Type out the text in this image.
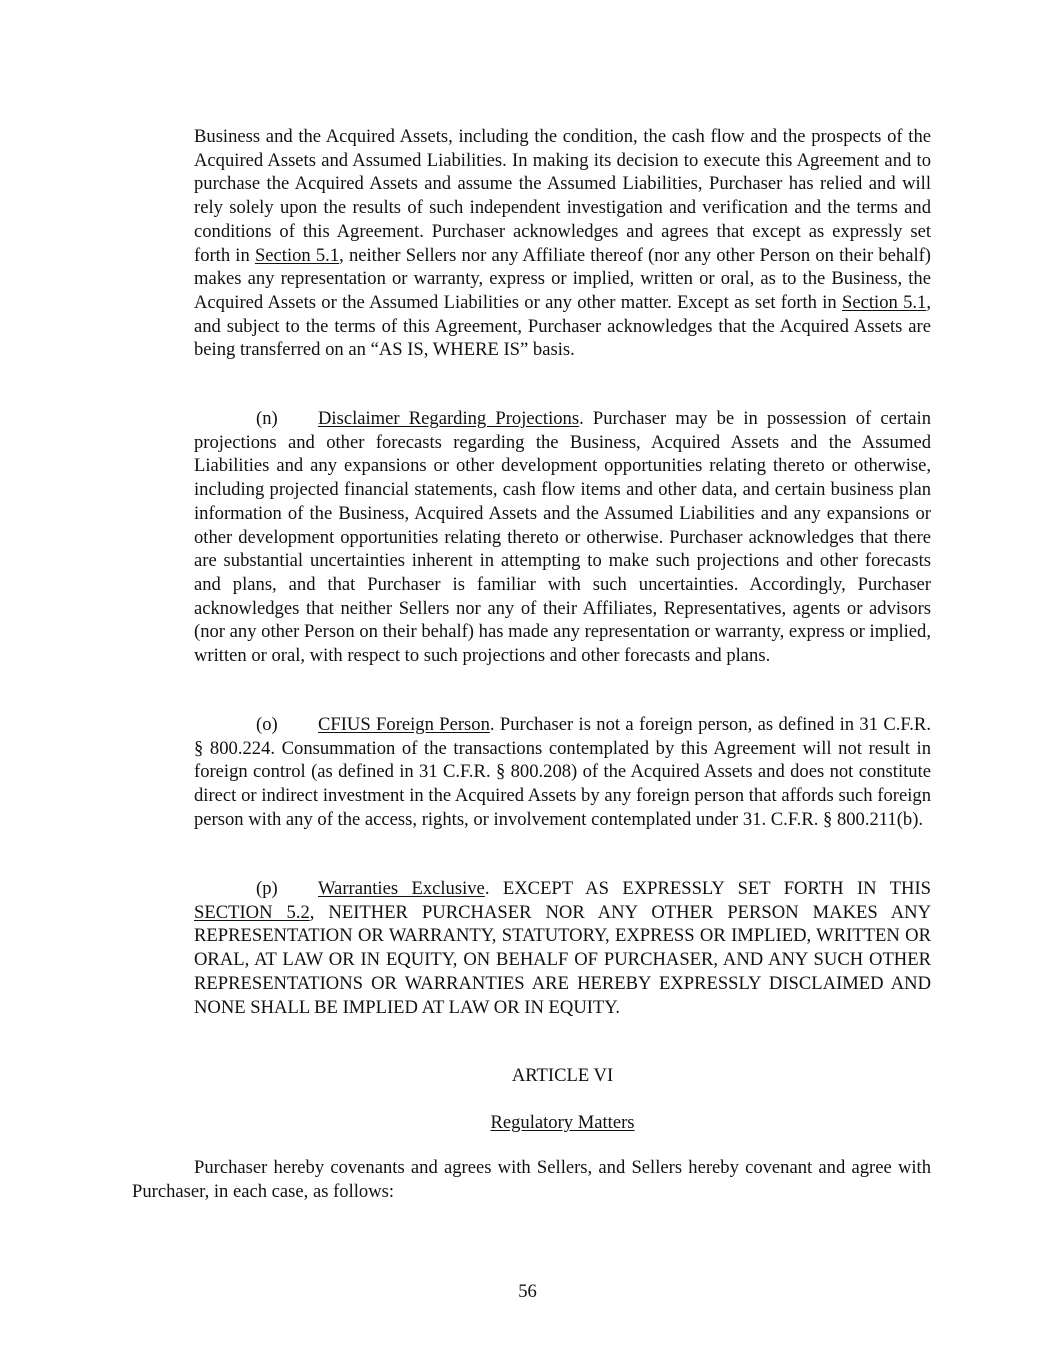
Business and the Acquired Assets, including the condition, the cash flow and the prospects of the Acquired Assets and Assumed Liabilities. In making its decision to execute this Agreement and to purchase the Acquired Assets and assume the Assumed Liabilities, Purchaser has relied and will rely solely upon the results of such independent investigation and verification and the terms and conditions of this Agreement. Purchaser acknowledges and agrees that except as expressly set forth in Section 5.1, neither Sellers nor any Affiliate thereof (nor any other Person on their behalf) makes any representation or warranty, express or implied, written or oral, as to the Business, the Acquired Assets or the Assumed Liabilities or any other matter. Except as set forth in Section 5.1, and subject to the terms of this Agreement, Purchaser acknowledges that the Acquired Assets are being transferred on an “AS IS, WHERE IS” basis.

(n) Disclaimer Regarding Projections. Purchaser may be in possession of certain projections and other forecasts regarding the Business, Acquired Assets and the Assumed Liabilities and any expansions or other development opportunities relating thereto or otherwise, including projected financial statements, cash flow items and other data, and certain business plan information of the Business, Acquired Assets and the Assumed Liabilities and any expansions or other development opportunities relating thereto or otherwise. Purchaser acknowledges that there are substantial uncertainties inherent in attempting to make such projections and other forecasts and plans, and that Purchaser is familiar with such uncertainties. Accordingly, Purchaser acknowledges that neither Sellers nor any of their Affiliates, Representatives, agents or advisors (nor any other Person on their behalf) has made any representation or warranty, express or implied, written or oral, with respect to such projections and other forecasts and plans.

(o) CFIUS Foreign Person. Purchaser is not a foreign person, as defined in 31 C.F.R. § 800.224. Consummation of the transactions contemplated by this Agreement will not result in foreign control (as defined in 31 C.F.R. § 800.208) of the Acquired Assets and does not constitute direct or indirect investment in the Acquired Assets by any foreign person that affords such foreign person with any of the access, rights, or involvement contemplated under 31. C.F.R. § 800.211(b).

(p) Warranties Exclusive. EXCEPT AS EXPRESSLY SET FORTH IN THIS SECTION 5.2, NEITHER PURCHASER NOR ANY OTHER PERSON MAKES ANY REPRESENTATION OR WARRANTY, STATUTORY, EXPRESS OR IMPLIED, WRITTEN OR ORAL, AT LAW OR IN EQUITY, ON BEHALF OF PURCHASER, AND ANY SUCH OTHER REPRESENTATIONS OR WARRANTIES ARE HEREBY EXPRESSLY DISCLAIMED AND NONE SHALL BE IMPLIED AT LAW OR IN EQUITY.

ARTICLE VI
Regulatory Matters

Purchaser hereby covenants and agrees with Sellers, and Sellers hereby covenant and agree with Purchaser, in each case, as follows:

56
